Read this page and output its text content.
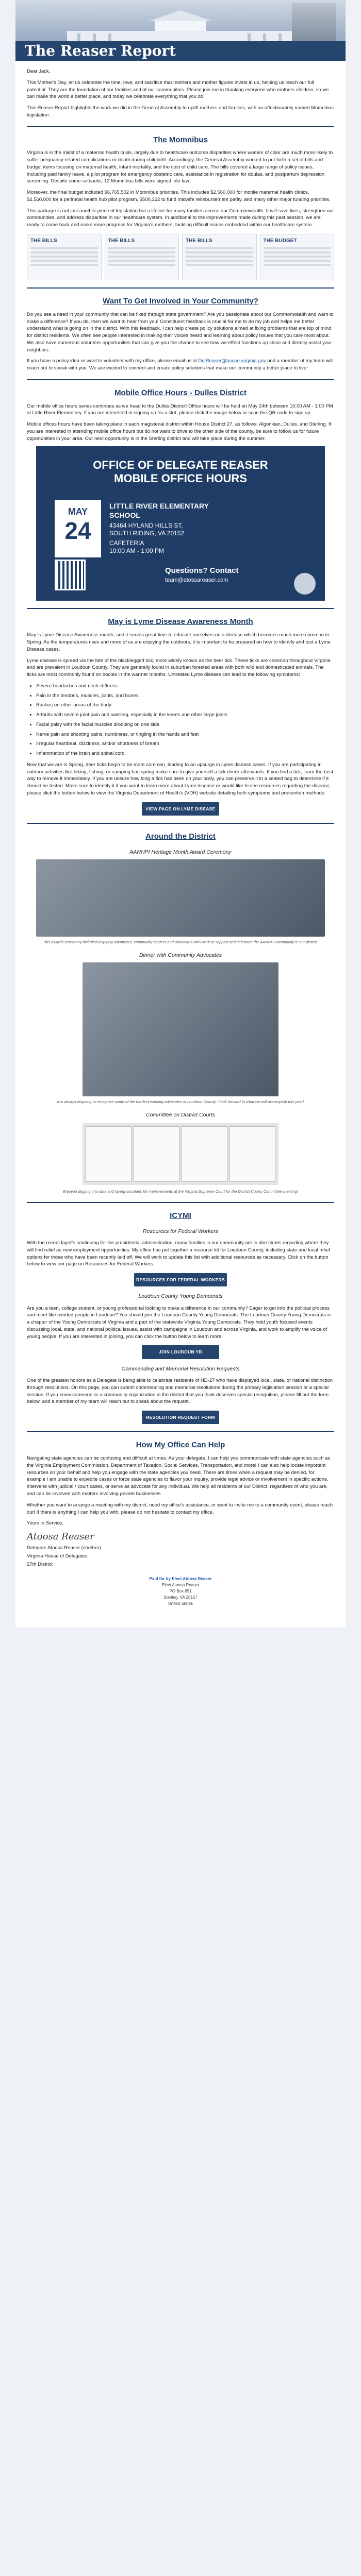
The Reaser Report

Dear Jack,

This Mother's Day, let us celebrate the time, love, and sacrifice that mothers and mother figures invest in us, helping us reach our full potential. They are the foundation of our families and of our communities. Please join me in thanking everyone who mothers children, so we can make the world a better place, and today we celebrate everything that you do!

This Reaser Report highlights the work we did in the General Assembly to uplift mothers and families, with an affectionately named Momnibus legislation.

The Momnibus

Virginia is in the midst of a maternal health crisis, largely due to healthcare outcome disparities where women of color are much more likely to suffer pregnancy-related complications or death during childbirth. Accordingly, the General Assembly worked to put forth a set of bills and budget items focusing on maternal health, infant mortality, and the cost of child care. The bills covered a large range of policy issues, including paid family leave, a pilot program for emergency obstetric care, assistance in registration for doulas, and postpartum depression screening. Despite some setbacks, 12 Momnibus bills were signed into law.

Moreover, the final budget included $6,765,502 in Momnibus priorities. This includes $2,560,000 for mobile maternal health clinics, $2,560,000 for a perinatal health hub pilot program, $500,322 to fund midwife reimbursement parity, and many other major funding priorities.

This package is not just another piece of legislation but a lifeline for many families across our Commonwealth. It will save lives, strengthen our communities, and address disparities in our healthcare system. In additional to the improvements made during this past session, we are ready to come back and make more progress for Virginia's mothers, tackling difficult issues embedded within our healthcare system.

THE BILLS	THE BILLS	THE BILLS	THE BUDGET
Want To Get Involved in Your Community?

Do you see a need in your community that can be fixed through state government? Are you passionate about our Commonwealth and want to make a difference? If you do, then we want to hear from you! Constituent feedback is crucial for me to do my job and helps me better understand what is going on in the district. With this feedback, I can help create policy solutions aimed at fixing problems that are top of mind for district residents. We often see people interested in making their voices heard and learning about policy issues that you care most about. We also have numerous volunteer opportunities that can give you the chance to see how we effect functions up close and directly assist your neighbors.

If you have a policy idea or want to volunteer with my office, please email us at DelReaser@house.virginia.gov and a member of my team will reach out to speak with you. We are excited to connect and create policy solutions that make our community a better place to live!

Mobile Office Hours - Dulles District

Our mobile office hours series continues as we head to the Dulles District! Office hours will be held on May 24th between 10:00 AM - 1:00 PM at Little River Elementary. If you are interested in signing up for a slot, please click the image below or scan the QR code to sign up.

Mobile offices hours have been taking place in each magisterial district within House District 27, as follows: Algonkian, Dulles, and Sterling. If you are interested in attending mobile office hours but do not want to drive to the other side of the county, be sure to follow us for future opportunities in your area. Our next opportunity is in the Sterling district and will take place during the summer.

OFFICE OF DELEGATE REASER
MOBILE OFFICE HOURS
MAY
24
LITTLE RIVER ELEMENTARY
SCHOOL
43464 HYLAND HILLS ST,
SOUTH RIDING, VA 20152
CAFETERIA
10:00 AM - 1:00 PM
Questions? Contact
team@atossareaser.com
May is Lyme Disease Awareness Month

May is Lyme Disease Awareness month, and it serves great time to educate ourselves on a disease which becomes much more common in Spring. As the temperatures rises and more of us are enjoying the outdoors, it is important to be prepared on how to identify and test a Lyme Disease cases.

Lyme disease is spread via the bite of the blacklegged tick, more widely known as the deer tick. These ticks are common throughout Virginia and are prevalent in Loudoun County. They are generally found in suburban forested areas with both wild and domesticated animals. The ticks are most commonly found on bodies in the warmer months. Untreated Lyme disease can lead to the following symptoms:

• Severe headaches and neck stiffness
• Pain in the tendons, muscles, joints, and bones
• Rashes on other areas of the body
• Arthritis with severe joint pain and swelling, especially in the knees and other large joints
• Facial palsy with the facial muscles drooping on one side
• Nerve pain and shooting pains, numbness, or tingling in the hands and feet
• Irregular heartbeat, dizziness, and/or shortness of breath
• Inflammation of the brain and spinal cord

Now that we are in Spring, deer ticks begin to be more common, leading to an upsurge in Lyme disease cases. If you are participating in outdoor activities like hiking, fishing, or camping has spring make sure to give yourself a tick check afterwards. If you find a tick, learn the best way to remove it immediately. If you are unsure how long a tick has been on your body, you can preserve it in a sealed bag to determine if it should be tested. Make sure to identify it if you want to learn more about Lyme disease or would like to see resources regarding the disease, please click the button below to view the Virginia Department of Health's (VDH) website detailing both symptoms and prevention methods.

VIEW PAGE ON LYME DISEASE
Around the District
AANHPI Heritage Month Award Ceremony
This awards ceremony included inspiring volunteers, community leaders and advocates who work to support and celebrate the AANHPI community in our district.
Dinner with Community Advocates
It is always inspiring to recognize some of the hardest working advocates in Loudoun County. I look forward to what we will accomplish this year!
Committee on District Courts
Enjoyed digging into data and laying out plans for improvements at the Virginia Supreme Court for the District Courts Committee meeting!
ICYMI
Resources for Federal Workers

With the recent layoffs continuing for the presidential administration, many families in our community are in dire straits regarding where they will find relief as new employment opportunities. My office has put together a resource kit for Loudoun County, including state and local relief options for those who have been recently laid off. We will work to update this list with additional resources as necessary. Click on the button below to view our page on Resources for Federal Workers.

RESOURCES FOR FEDERAL WORKERS
Loudoun County Young Democrats

Are you a teen, college student, or young professional looking to make a difference in our community? Eager to get into the political process and meet like minded people in Loudoun? You should join the Loudoun County Young Democrats. The Loudoun County Young Democrats is a chapter of the Young Democrats of Virginia and a part of the statewide Virginia Young Democrats. They hold youth focused events discussing local, state, and national political issues, assist with campaigns in Loudoun and across Virginia, and work to amplify the voice of young people. If you are interested in joining, you can click the button below to learn more.

JOIN LOUDOUN YD
Commending and Memorial Resolution Requests

One of the greatest honors as a Delegate is being able to celebrate residents of HD-27 who have displayed local, state, or national distinction through resolutions. On this page, you can submit commending and memorial resolutions during the primary legislation session or a special session. If you know someone or a community organization in the district that you think deserves special recognition, please fill out the form below, and a member of my team will reach out to speak about the request.

RESOLUTION REQUEST FORM
How My Office Can Help

Navigating state agencies can be confusing and difficult at times. As your delegate, I can help you communicate with state agencies such as the Virginia Employment Commission, Department of Taxation, Social Services, Transportation, and more! I can also help locate important resources on your behalf and help you engage with the state agencies you need. There are times when a request may be denied, for example I am unable to expedite cases or force state agencies to flavor your inquiry, provide legal advice or involvement in specific actions, intervene with judicial / court cases, or serve as advocate for any individual. We help all residents of our District, regardless of who you are, and can be involved with matters involving private businesses.

Whether you want to arrange a meeting with my district, need my office's assistance, or want to invite me to a community event, please reach out! If there is anything I can help you with, please do not hesitate to contact my office.

Yours in Service,

Atoosa Reaser

Delegate Atoosa Reaser (she/her)

Virginia House of Delegates

27th District

Paid for by Elect Atoosa Reaser
Elect Atoosa Reaser
PO Box 651
Sterling, VA 20167
United States
